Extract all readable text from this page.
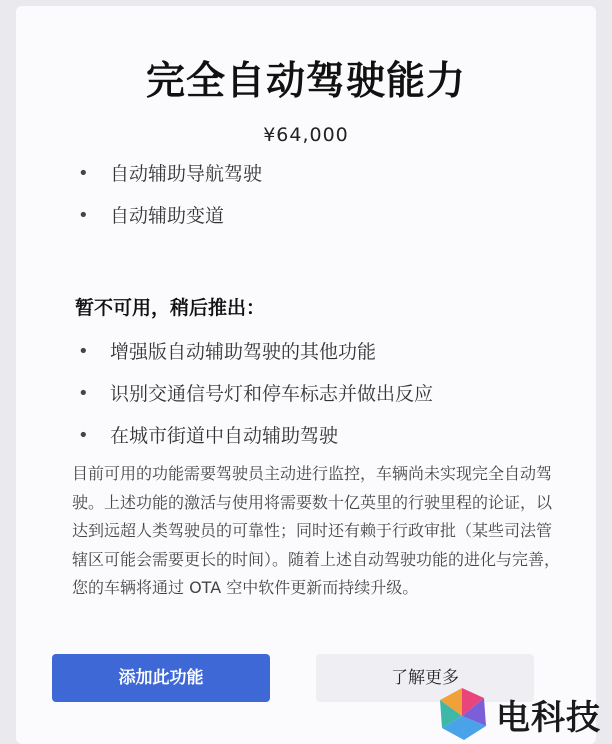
完全自动驾驶能力
¥64,000
• 自动辅助导航驾驶
• 自动辅助变道
暂不可用，稍后推出：
• 增强版自动辅助驾驶的其他功能
• 识别交通信号灯和停车标志并做出反应
• 在城市街道中自动辅助驾驶
目前可用的功能需要驾驶员主动进行监控，车辆尚未实现完全自动驾驶。上述功能的激活与使用将需要数十亿英里的行驶里程的论证，以达到远超人类驾驶员的可靠性；同时还有赖于行政审批（某些司法管辖区可能会需要更长的时间）。随着上述自动驾驶功能的进化与完善，您的车辆将通过 OTA 空中软件更新而持续升级。
添加此功能	了解更多
电科技
